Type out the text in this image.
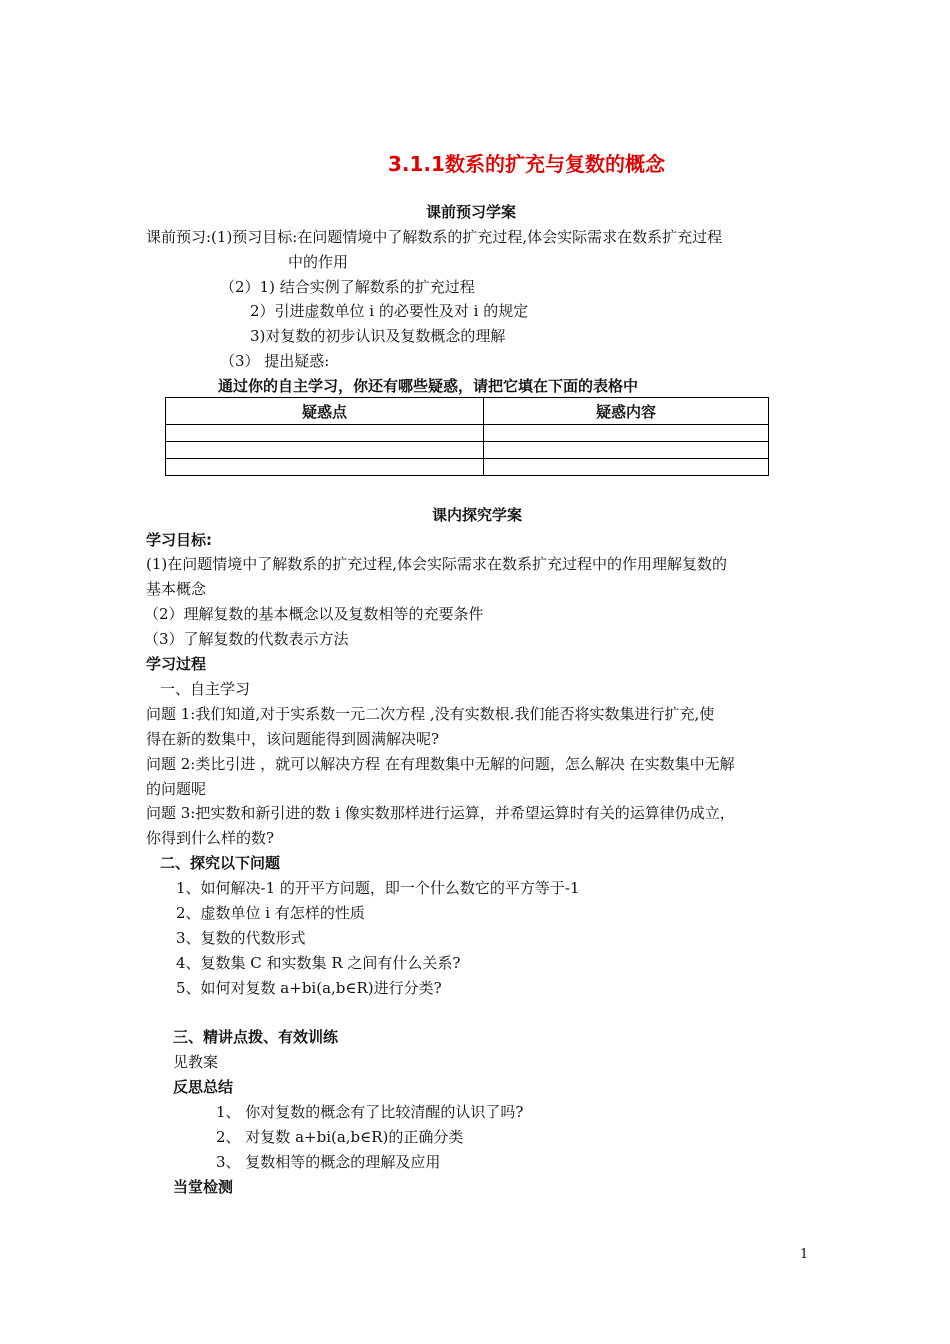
3.1.1数系的扩充与复数的概念
课前预习学案
课前预习:(1)预习目标:在问题情境中了解数系的扩充过程,体会实际需求在数系扩充过程
中的作用
（2）1) 结合实例了解数系的扩充过程
2）引进虚数单位 i 的必要性及对 i 的规定
3)对复数的初步认识及复数概念的理解
（3） 提出疑惑:
通过你的自主学习，你还有哪些疑惑，请把它填在下面的表格中
疑惑点	疑惑内容

课内探究学案
学习目标:
(1)在问题情境中了解数系的扩充过程,体会实际需求在数系扩充过程中的作用理解复数的
基本概念
（2）理解复数的基本概念以及复数相等的充要条件
（3）了解复数的代数表示方法
学习过程
一、自主学习
问题 1:我们知道,对于实系数一元二次方程 ,没有实数根.我们能否将实数集进行扩充,使
得在新的数集中，该问题能得到圆满解决呢?
问题 2:类比引进 ，就可以解决方程 在有理数集中无解的问题，怎么解决 在实数集中无解
的问题呢
问题 3:把实数和新引进的数 i 像实数那样进行运算，并希望运算时有关的运算律仍成立，
你得到什么样的数?
二、探究以下问题
1、如何解决-1 的开平方问题，即一个什么数它的平方等于-1
2、虚数单位 i 有怎样的性质
3、复数的代数形式
4、复数集 C 和实数集 R 之间有什么关系?
5、如何对复数 a+bi(a,b∈R)进行分类?
三、精讲点拨、有效训练
见教案
反思总结
1、 你对复数的概念有了比较清醒的认识了吗?
2、 对复数 a+bi(a,b∈R)的正确分类
3、 复数相等的概念的理解及应用
当堂检测
1
